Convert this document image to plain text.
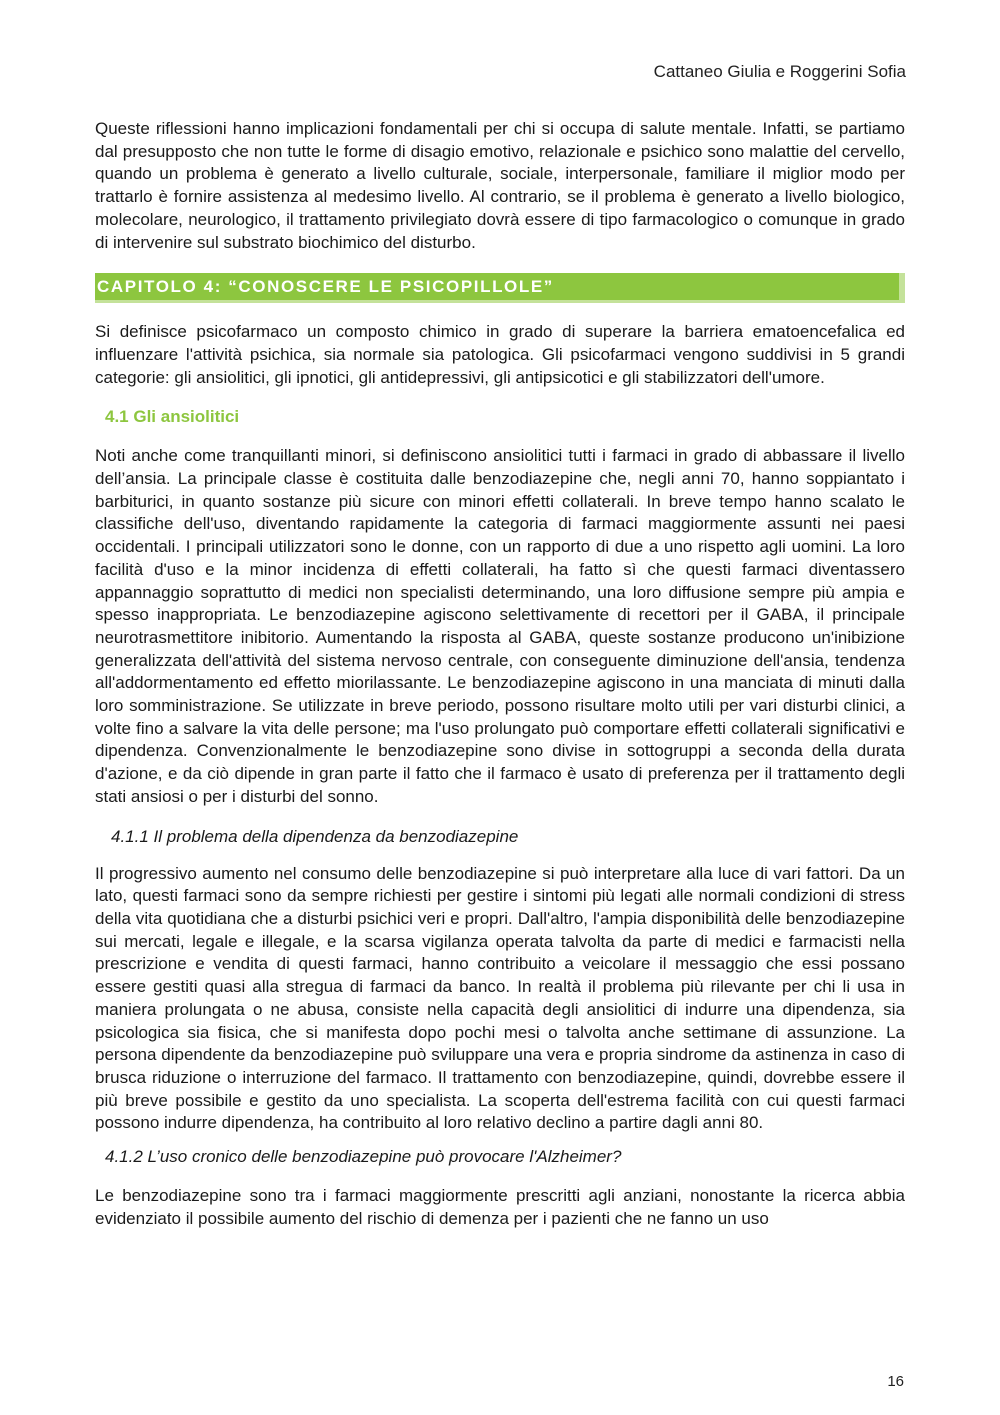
Cattaneo Giulia e Roggerini Sofia

Queste riflessioni hanno implicazioni fondamentali per chi si occupa di salute mentale. Infatti, se partiamo dal presupposto che non tutte le forme di disagio emotivo, relazionale e psichico sono malattie del cervello, quando un problema è generato a livello culturale, sociale, interpersonale, familiare il miglior modo per trattarlo è fornire assistenza al medesimo livello. Al contrario, se il problema è generato a livello biologico, molecolare, neurologico, il trattamento privilegiato dovrà essere di tipo farmacologico o comunque in grado di intervenire sul substrato biochimico del disturbo.

CAPITOLO 4: “CONOSCERE LE PSICOPILLOLE”

Si definisce psicofarmaco un composto chimico in grado di superare la barriera ematoencefalica ed influenzare l'attività psichica, sia normale sia patologica. Gli psicofarmaci vengono suddivisi in 5 grandi categorie: gli ansiolitici, gli ipnotici, gli antidepressivi, gli antipsicotici e gli stabilizzatori dell'umore.

4.1 Gli ansiolitici

Noti anche come tranquillanti minori, si definiscono ansiolitici tutti i farmaci in grado di abbassare il livello dell’ansia. La principale classe è costituita dalle benzodiazepine che, negli anni 70, hanno soppiantato i barbiturici, in quanto sostanze più sicure con minori effetti collaterali. In breve tempo hanno scalato le classifiche dell'uso, diventando rapidamente la categoria di farmaci maggiormente assunti nei paesi occidentali. I principali utilizzatori sono le donne, con un rapporto di due a uno rispetto agli uomini. La loro facilità d'uso e la minor incidenza di effetti collaterali, ha fatto sì che questi farmaci diventassero appannaggio soprattutto di medici non specialisti determinando, una loro diffusione sempre più ampia e spesso inappropriata. Le benzodiazepine agiscono selettivamente di recettori per il GABA, il principale neurotrasmettitore inibitorio. Aumentando la risposta al GABA, queste sostanze producono un'inibizione generalizzata dell'attività del sistema nervoso centrale, con conseguente diminuzione dell'ansia, tendenza all'addormentamento ed effetto miorilassante. Le benzodiazepine agiscono in una manciata di minuti dalla loro somministrazione. Se utilizzate in breve periodo, possono risultare molto utili per vari disturbi clinici, a volte fino a salvare la vita delle persone; ma l'uso prolungato può comportare effetti collaterali significativi e dipendenza. Convenzionalmente le benzodiazepine sono divise in sottogruppi a seconda della durata d'azione, e da ciò dipende in gran parte il fatto che il farmaco è usato di preferenza per il trattamento degli stati ansiosi o per i disturbi del sonno.

4.1.1 Il problema della dipendenza da benzodiazepine

Il progressivo aumento nel consumo delle benzodiazepine si può interpretare alla luce di vari fattori. Da un lato, questi farmaci sono da sempre richiesti per gestire i sintomi più legati alle normali condizioni di stress della vita quotidiana che a disturbi psichici veri e propri. Dall'altro, l'ampia disponibilità delle benzodiazepine sui mercati, legale e illegale, e la scarsa vigilanza operata talvolta da parte di medici e farmacisti nella prescrizione e vendita di questi farmaci, hanno contribuito a veicolare il messaggio che essi possano essere gestiti quasi alla stregua di farmaci da banco. In realtà il problema più rilevante per chi li usa in maniera prolungata o ne abusa, consiste nella capacità degli ansiolitici di indurre una dipendenza, sia psicologica sia fisica, che si manifesta dopo pochi mesi o talvolta anche settimane di assunzione. La persona dipendente da benzodiazepine può sviluppare una vera e propria sindrome da astinenza in caso di brusca riduzione o interruzione del farmaco. Il trattamento con benzodiazepine, quindi, dovrebbe essere il più breve possibile e gestito da uno specialista. La scoperta dell'estrema facilità con cui questi farmaci possono indurre dipendenza, ha contribuito al loro relativo declino a partire dagli anni 80.

4.1.2 L’uso cronico delle benzodiazepine può provocare l'Alzheimer?

Le benzodiazepine sono tra i farmaci maggiormente prescritti agli anziani, nonostante la ricerca abbia evidenziato il possibile aumento del rischio di demenza per i pazienti che ne fanno un uso

16
